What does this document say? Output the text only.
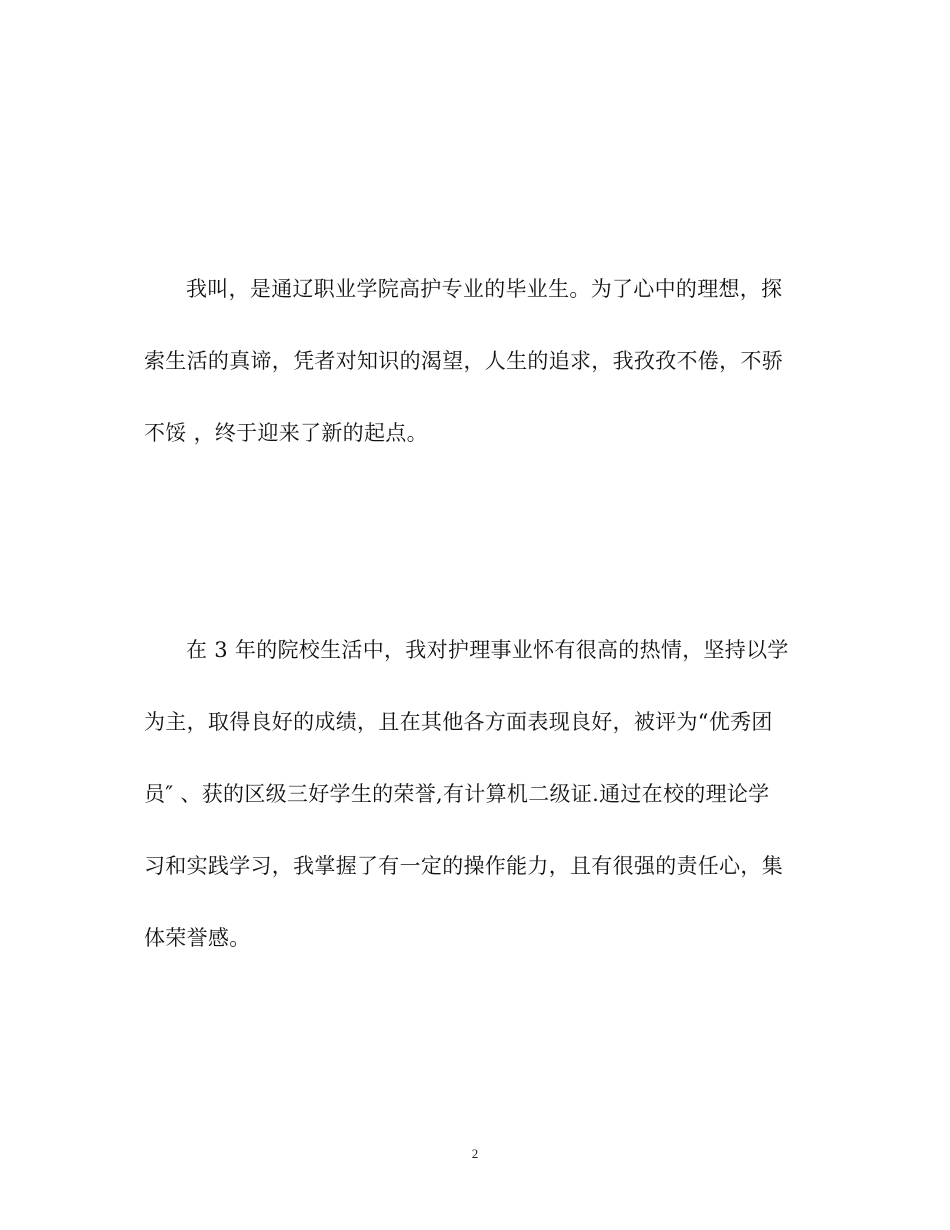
我叫，是通辽职业学院高护专业的毕业生。为了心中的理想，探
索生活的真谛，凭者对知识的渴望，人生的追求，我孜孜不倦，不骄
不馁 ，终于迎来了新的起点。
在 3 年的院校生活中，我对护理事业怀有很高的热情，坚持以学
为主，取得良好的成绩，且在其他各方面表现良好，被评为“优秀团
员″ 、获的区级三好学生的荣誉,有计算机二级证.通过在校的理论学
习和实践学习，我掌握了有一定的操作能力，且有很强的责任心，集
体荣誉感。
2
